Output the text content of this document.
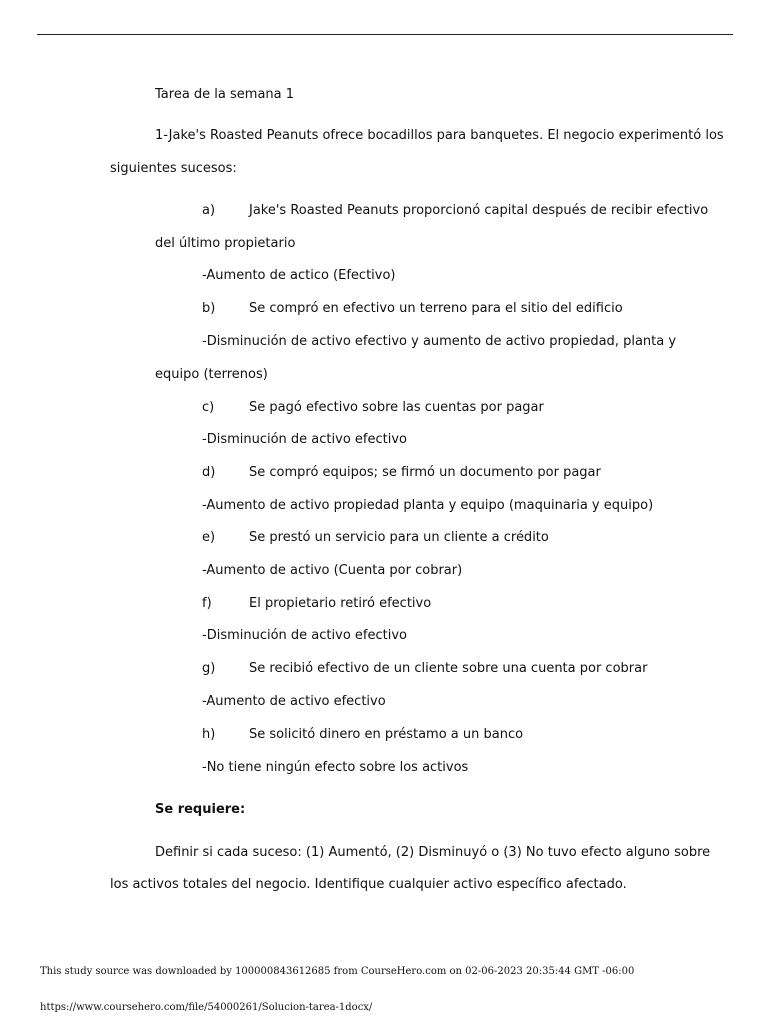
Tarea de la semana 1
1-Jake's Roasted Peanuts ofrece bocadillos para banquetes. El negocio experimentó los
siguientes sucesos:
a)	Jake's Roasted Peanuts proporcionó capital después de recibir efectivo
del último propietario
-Aumento de actico (Efectivo)
b)	Se compró en efectivo un terreno para el sitio del edificio
-Disminución de activo efectivo y aumento de activo propiedad, planta y
equipo (terrenos)
c)	Se pagó efectivo sobre las cuentas por pagar
-Disminución de activo efectivo
d)	Se compró equipos; se firmó un documento por pagar
-Aumento de activo propiedad planta y equipo (maquinaria y equipo)
e)	Se prestó un servicio para un cliente a crédito
-Aumento de activo (Cuenta por cobrar)
f)	El propietario retiró efectivo
-Disminución de activo efectivo
g)	Se recibió efectivo de un cliente sobre una cuenta por cobrar
-Aumento de activo efectivo
h)	Se solicitó dinero en préstamo a un banco
-No tiene ningún efecto sobre los activos
Se requiere:
Definir si cada suceso: (1) Aumentó, (2) Disminuyó o (3) No tuvo efecto alguno sobre
los activos totales del negocio. Identifique cualquier activo específico afectado.
This study source was downloaded by 100000843612685 from CourseHero.com on 02-06-2023 20:35:44 GMT -06:00
https://www.coursehero.com/file/54000261/Solucion-tarea-1docx/
